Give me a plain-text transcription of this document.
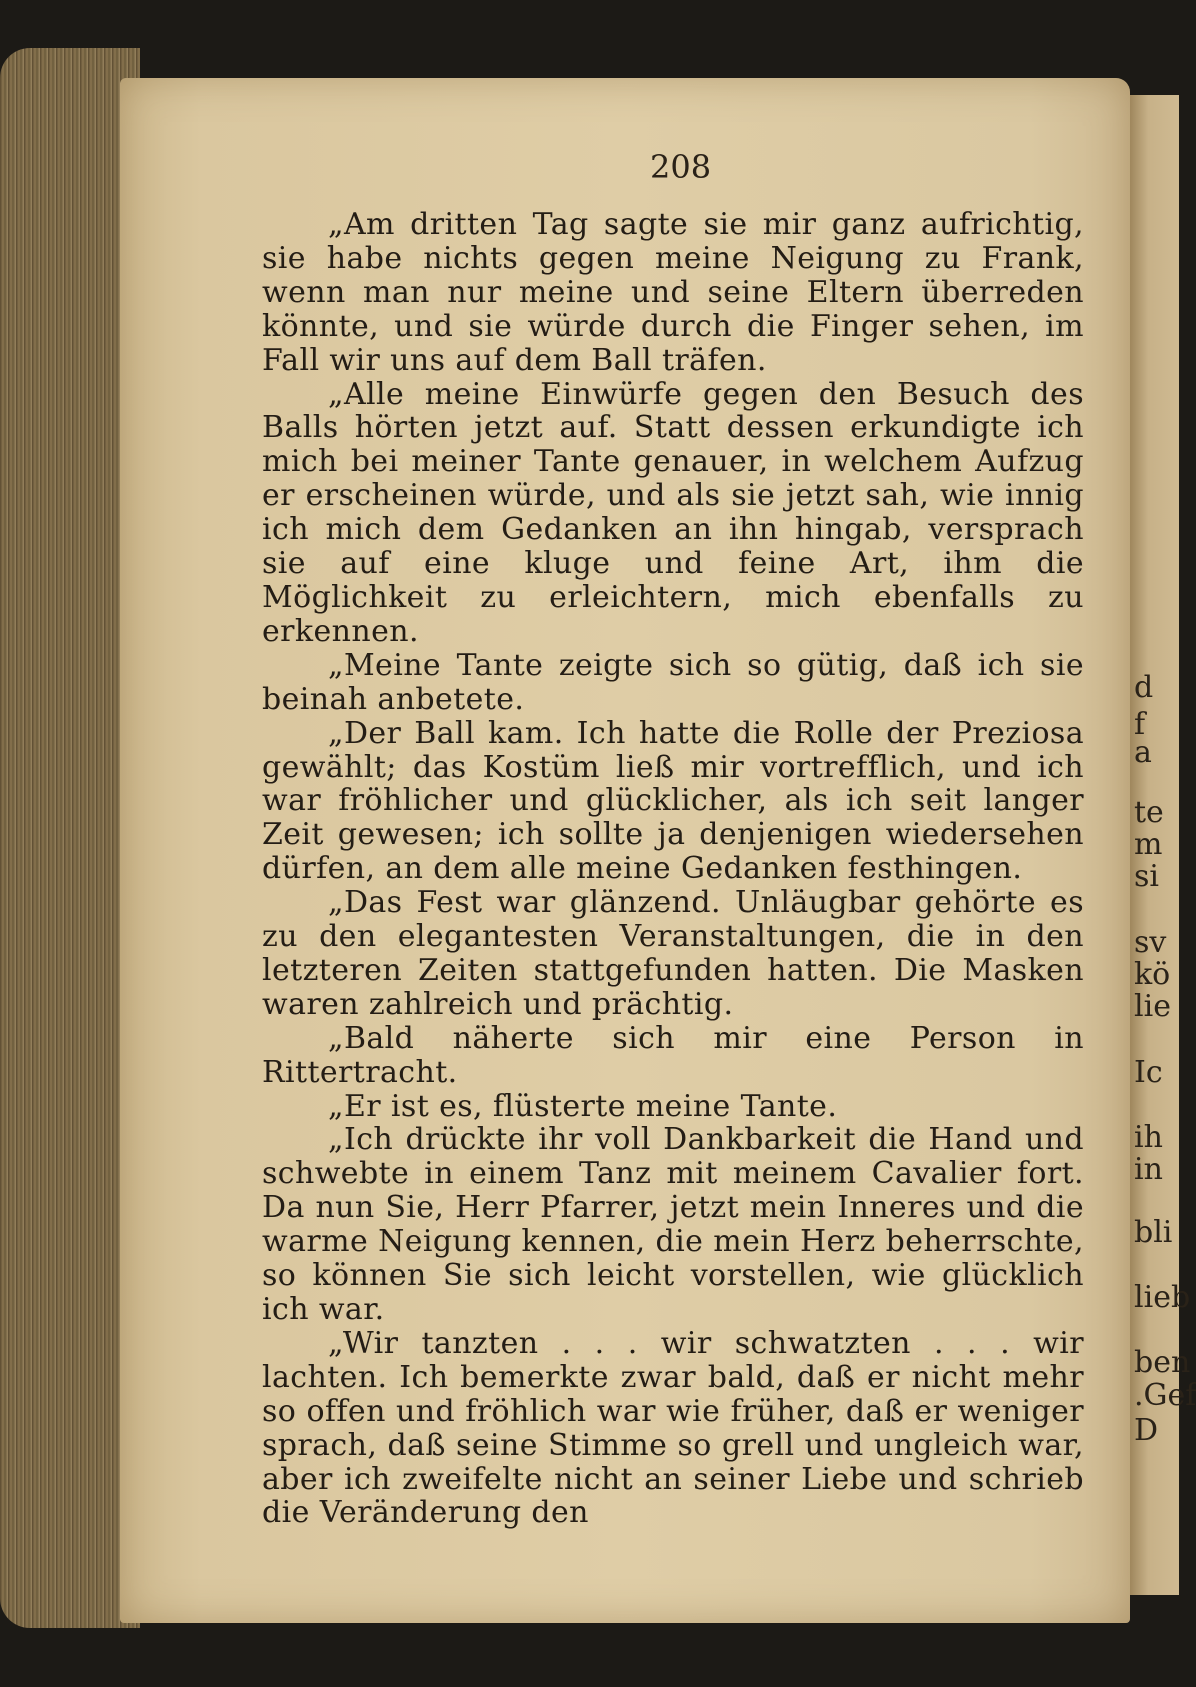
d
f
a
te
m
si
sv
kö
lie
Ic
ih
in
bli
lieb
ben
.Gef
D
208

„Am dritten Tag sagte sie mir ganz aufrichtig, sie habe nichts gegen meine Neigung zu Frank, wenn man nur meine und seine Eltern überreden könnte, und sie würde durch die Finger sehen, im Fall wir uns auf dem Ball träfen.

„Alle meine Einwürfe gegen den Besuch des Balls hörten jetzt auf. Statt dessen erkundigte ich mich bei meiner Tante genauer, in welchem Aufzug er erscheinen würde, und als sie jetzt sah, wie innig ich mich dem Gedanken an ihn hingab, versprach sie auf eine kluge und feine Art, ihm die Möglichkeit zu erleichtern, mich ebenfalls zu erkennen.

„Meine Tante zeigte sich so gütig, daß ich sie beinah anbetete.

„Der Ball kam. Ich hatte die Rolle der Preziosa gewählt; das Kostüm ließ mir vortrefflich, und ich war fröhlicher und glücklicher, als ich seit langer Zeit gewesen; ich sollte ja denjenigen wiedersehen dürfen, an dem alle meine Gedanken festhingen.

„Das Fest war glänzend. Unläugbar gehörte es zu den elegantesten Veranstaltungen, die in den letzteren Zeiten stattgefunden hatten. Die Masken waren zahlreich und prächtig.

„Bald näherte sich mir eine Person in Rittertracht.

„Er ist es, flüsterte meine Tante.

„Ich drückte ihr voll Dankbarkeit die Hand und schwebte in einem Tanz mit meinem Cavalier fort. Da nun Sie, Herr Pfarrer, jetzt mein Inneres und die warme Neigung kennen, die mein Herz beherrschte, so können Sie sich leicht vorstellen, wie glücklich ich war.

„Wir tanzten . . . wir schwatzten . . . wir lachten. Ich bemerkte zwar bald, daß er nicht mehr so offen und fröhlich war wie früher, daß er weniger sprach, daß seine Stimme so grell und ungleich war, aber ich zweifelte nicht an seiner Liebe und schrieb die Veränderung den
